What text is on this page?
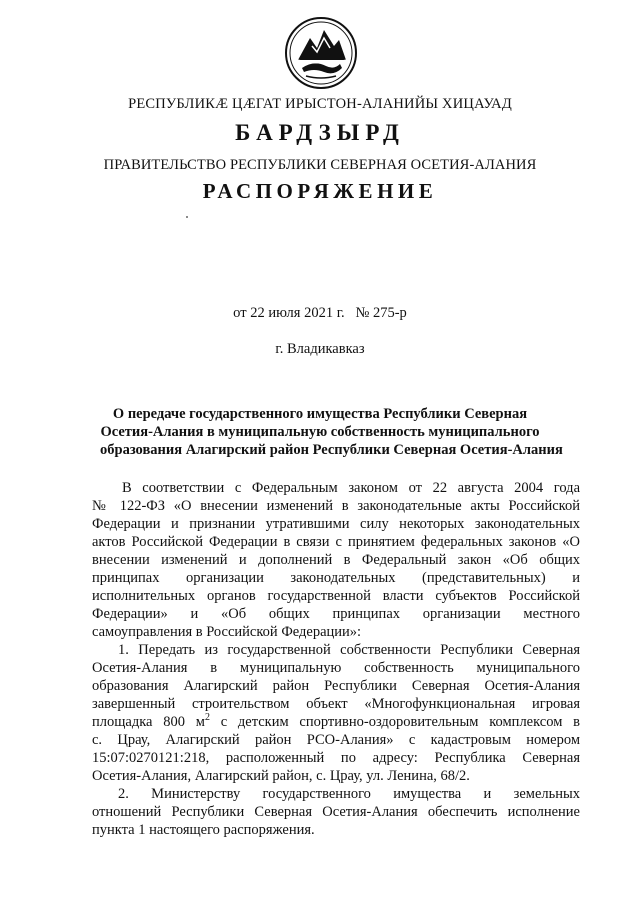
РЕСПУБЛИКӔ ЦӔГАТ ИРЫСТОН-АЛАНИЙЫ ХИЦАУАД
БАРДЗЫРД
ПРАВИТЕЛЬСТВО РЕСПУБЛИКИ СЕВЕРНАЯ ОСЕТИЯ-АЛАНИЯ
РАСПОРЯЖЕНИЕ
от 22 июля 2021 г. № 275-р
г. Владикавказ
О передаче государственного имущества Республики Северная
Осетия-Алания в муниципальную собственность муниципального
образования Алагирский район Республики Северная Осетия-Алания
В соответствии с Федеральным законом от 22 августа 2004 года
№ 122-ФЗ «О внесении изменений в законодательные акты Российской
Федерации и признании утратившими силу некоторых законодательных
актов Российской Федерации в связи с принятием федеральных законов «О
внесении изменений и дополнений в Федеральный закон «Об общих
принципах организации законодательных (представительных) и
исполнительных органов государственной власти субъектов Российской
Федерации» и «Об общих принципах организации местного
самоуправления в Российской Федерации»:
1. Передать из государственной собственности Республики Северная
Осетия-Алания в муниципальную собственность муниципального
образования Алагирский район Республики Северная Осетия-Алания
завершенный строительством объект «Многофункциональная игровая
площадка 800 $м^2$ с детским спортивно-оздоровительным комплексом в
с. Црау, Алагирский район РСО-Алания» с кадастровым номером
15:07:0270121:218, расположенный по адресу: Республика Северная
Осетия-Алания, Алагирский район, с. Црау, ул. Ленина, 68/2.
2. Министерству государственного имущества и земельных
отношений Республики Северная Осетия-Алания обеспечить исполнение
пункта 1 настоящего распоряжения.
